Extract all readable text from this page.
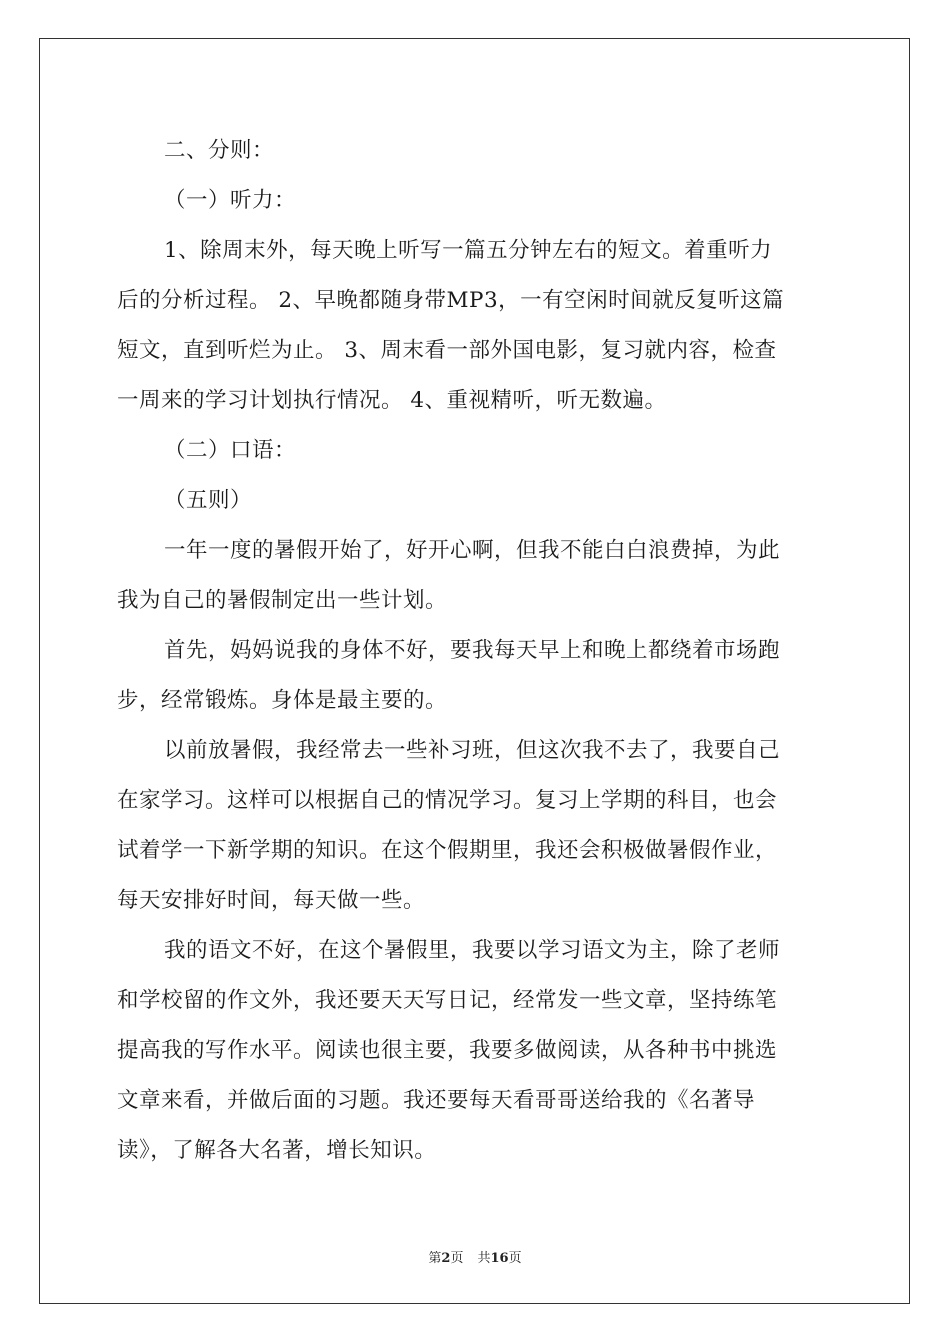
二、分则：
（一）听力：
1、除周末外，每天晚上听写一篇五分钟左右的短文。着重听力
后的分析过程。 2、早晚都随身带MP3，一有空闲时间就反复听这篇
短文，直到听烂为止。 3、周末看一部外国电影，复习就内容，检查
一周来的学习计划执行情况。 4、重视精听，听无数遍。
（二）口语：
（五则）
一年一度的暑假开始了，好开心啊，但我不能白白浪费掉，为此
我为自己的暑假制定出一些计划。
首先，妈妈说我的身体不好，要我每天早上和晚上都绕着市场跑
步，经常锻炼。身体是最主要的。
以前放暑假，我经常去一些补习班，但这次我不去了，我要自己
在家学习。这样可以根据自己的情况学习。复习上学期的科目，也会
试着学一下新学期的知识。在这个假期里，我还会积极做暑假作业，
每天安排好时间，每天做一些。
我的语文不好，在这个暑假里，我要以学习语文为主，除了老师
和学校留的作文外，我还要天天写日记，经常发一些文章，坚持练笔
提高我的写作水平。阅读也很主要，我要多做阅读，从各种书中挑选
文章来看，并做后面的习题。我还要每天看哥哥送给我的《名著导
读》，了解各大名著，增长知识。
第2页 共16页
